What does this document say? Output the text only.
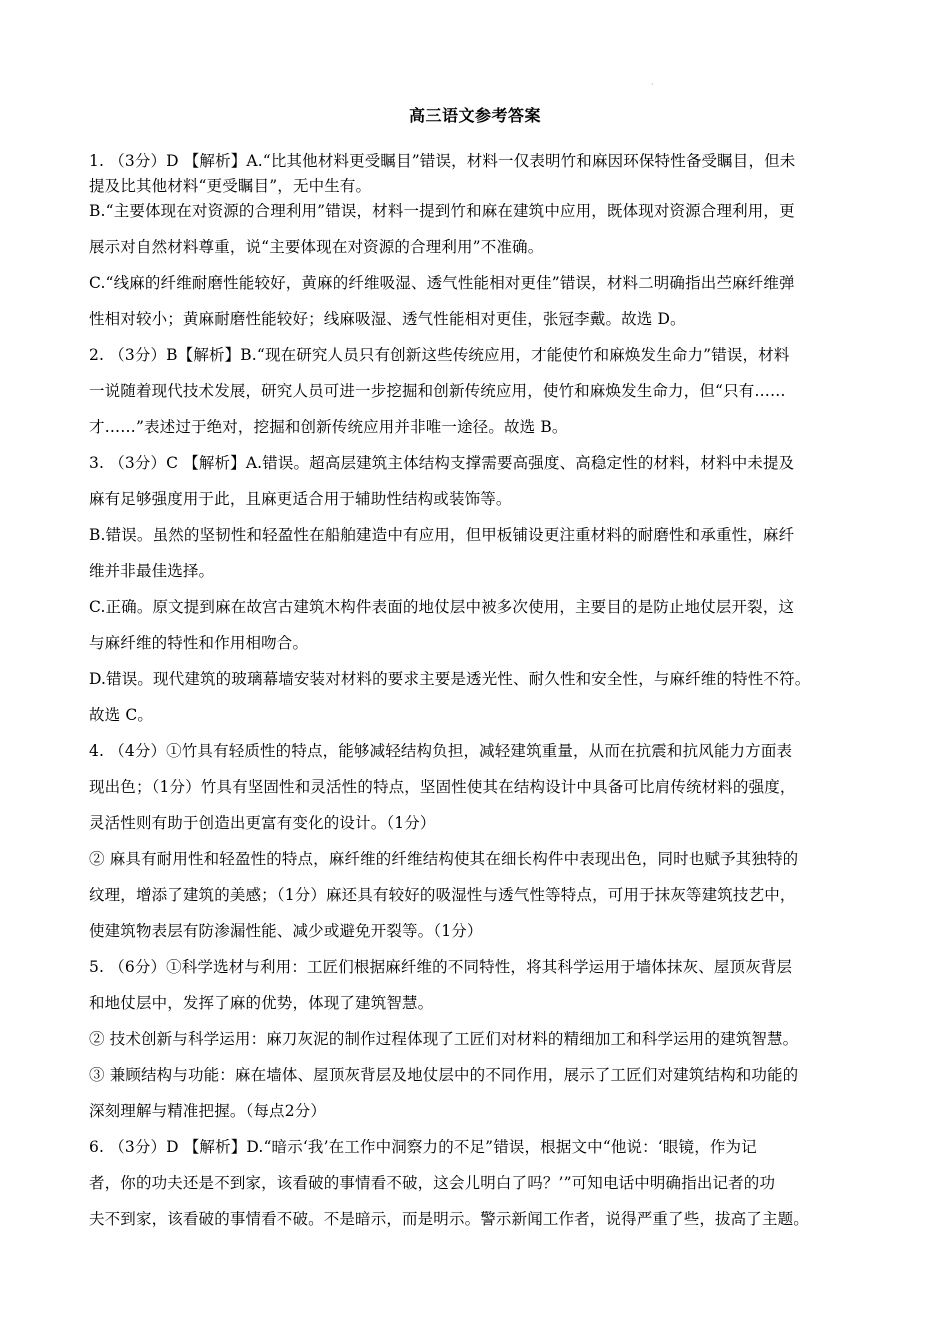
·
高三语文参考答案
1. （3分）D 【解析】A.“比其他材料更受瞩目”错误，材料一仅表明竹和麻因环保特性备受瞩目，但未
提及比其他材料“更受瞩目”，无中生有。
B.“主要体现在对资源的合理利用”错误，材料一提到竹和麻在建筑中应用，既体现对资源合理利用，更
展示对自然材料尊重，说“主要体现在对资源的合理利用”不准确。
C.“线麻的纤维耐磨性能较好，黄麻的纤维吸湿、透气性能相对更佳”错误，材料二明确指出苎麻纤维弹
性相对较小；黄麻耐磨性能较好；线麻吸湿、透气性能相对更佳，张冠李戴。故选 D。
2. （3分）B【解析】B.“现在研究人员只有创新这些传统应用，才能使竹和麻焕发生命力”错误，材料
一说随着现代技术发展，研究人员可进一步挖掘和创新传统应用，使竹和麻焕发生命力，但“只有……
才……”表述过于绝对，挖掘和创新传统应用并非唯一途径。故选 B。
3. （3分）C 【解析】A.错误。超高层建筑主体结构支撑需要高强度、高稳定性的材料，材料中未提及
麻有足够强度用于此，且麻更适合用于辅助性结构或装饰等。
B.错误。虽然的坚韧性和轻盈性在船舶建造中有应用，但甲板铺设更注重材料的耐磨性和承重性，麻纤
维并非最佳选择。
C.正确。原文提到麻在故宫古建筑木构件表面的地仗层中被多次使用，主要目的是防止地仗层开裂，这
与麻纤维的特性和作用相吻合。
D.错误。现代建筑的玻璃幕墙安装对材料的要求主要是透光性、耐久性和安全性，与麻纤维的特性不符。
故选 C。
4. （4分）①竹具有轻质性的特点，能够减轻结构负担，减轻建筑重量，从而在抗震和抗风能力方面表
现出色；（1分）竹具有坚固性和灵活性的特点，坚固性使其在结构设计中具备可比肩传统材料的强度，
灵活性则有助于创造出更富有变化的设计。（1分）
② 麻具有耐用性和轻盈性的特点，麻纤维的纤维结构使其在细长构件中表现出色，同时也赋予其独特的
纹理，增添了建筑的美感；（1分）麻还具有较好的吸湿性与透气性等特点，可用于抹灰等建筑技艺中，
使建筑物表层有防渗漏性能、减少或避免开裂等。（1分）
5. （6分）①科学选材与利用：工匠们根据麻纤维的不同特性，将其科学运用于墙体抹灰、屋顶灰背层
和地仗层中，发挥了麻的优势，体现了建筑智慧。
② 技术创新与科学运用：麻刀灰泥的制作过程体现了工匠们对材料的精细加工和科学运用的建筑智慧。
③ 兼顾结构与功能：麻在墙体、屋顶灰背层及地仗层中的不同作用，展示了工匠们对建筑结构和功能的
深刻理解与精准把握。（每点2分）
6. （3分）D 【解析】D.“暗示‘我’在工作中洞察力的不足”错误，根据文中“他说：‘眼镜，作为记
者，你的功夫还是不到家，该看破的事情看不破，这会儿明白了吗？’”可知电话中明确指出记者的功
夫不到家，该看破的事情看不破。不是暗示，而是明示。警示新闻工作者，说得严重了些，拔高了主题。
